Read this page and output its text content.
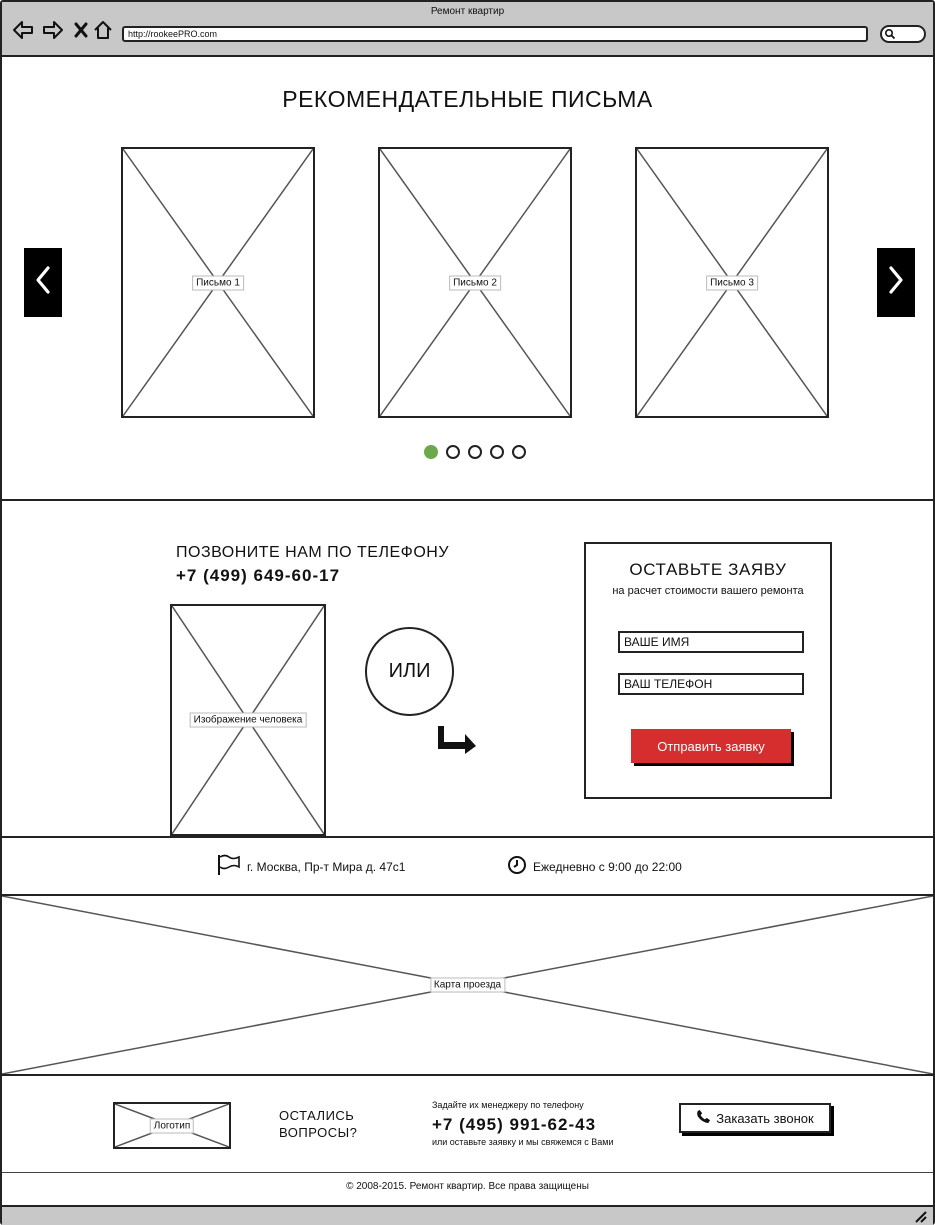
Ремонт квартир
http://rookeePRO.com
РЕКОМЕНДАТЕЛЬНЫЕ ПИСЬМА
Письмо 1	Письмо 2	Письмо 3
ПОЗВОНИТЕ НАМ ПО ТЕЛЕФОНУ
+7 (499) 649-60-17
Изображение человека
ИЛИ
ОСТАВЬТЕ ЗАЯВУ
на расчет стоимости вашего ремонта
ВАШЕ ИМЯ
ВАШ ТЕЛЕФОН
Отправить заявку
г. Москва, Пр-т Мира д. 47с1	Ежедневно с 9:00 до 22:00
Карта проезда
Логотип
ОСТАЛИСЬ ВОПРОСЫ?
Задайте их менеджеру по телефону
+7 (495) 991-62-43
или оставьте заявку и мы свяжемся с Вами
Заказать звонок
© 2008-2015. Ремонт квартир. Все права защищены
